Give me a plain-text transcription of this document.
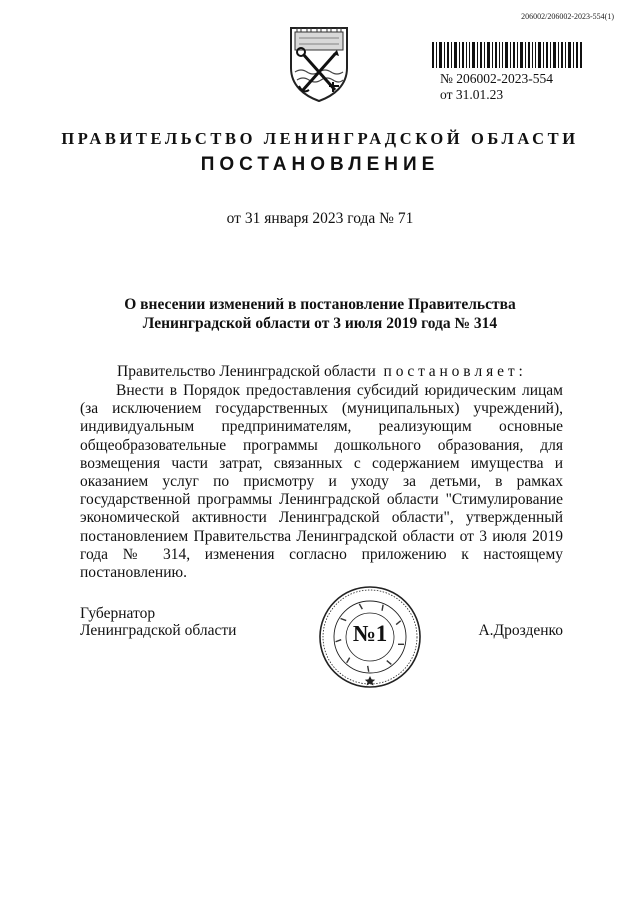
206002/206002-2023-554(1)
№ 206002-2023-554
от 31.01.23
ПРАВИТЕЛЬСТВО ЛЕНИНГРАДСКОЙ ОБЛАСТИ
ПОСТАНОВЛЕНИЕ
от 31 января 2023 года № 71
О внесении изменений в постановление Правительства
Ленинградской области от 3 июля 2019 года № 314
Правительство Ленинградской области  п о с т а н о в л я е т :

Внести в Порядок предоставления субсидий юридическим лицам (за исключением государственных (муниципальных) учреждений), индивидуальным предпринимателям, реализующим основные общеобразовательные программы дошкольного образования, для возмещения части затрат, связанных с содержанием имущества и оказанием услуг по присмотру и уходу за детьми, в рамках государственной программы Ленинградской области "Стимулирование экономической активности Ленинградской области", утвержденный постановлением Правительства Ленинградской области от 3 июля 2019 года № 314, изменения согласно приложению к настоящему постановлению.

Губернатор
Ленинградской области	А.Дрозденко
№1
